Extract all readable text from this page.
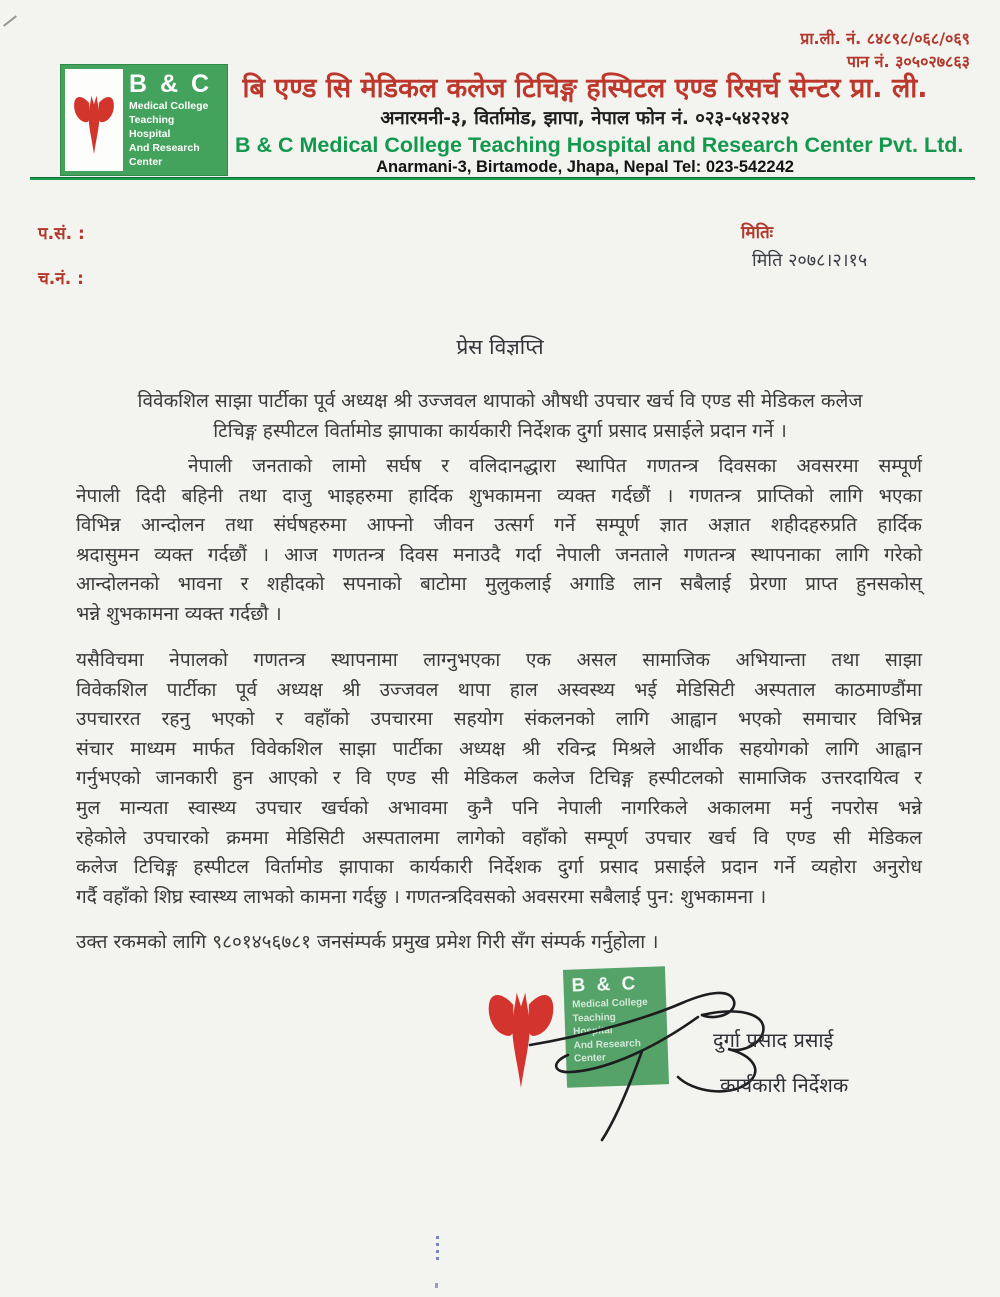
प्रा.ली. नं. ८४८९८/०६८/०६९
पान नं. ३०५०२७८६३
B & C
Medical College
Teaching
Hospital
And Research
Center
बि एण्ड सि मेडिकल कलेज टिचिङ्ग हस्पिटल एण्ड रिसर्च सेन्टर प्रा. ली.
अनारमनी-३, विर्तामोड, झापा, नेपाल फोन नं. ०२३-५४२२४२
B & C Medical College Teaching Hospital and Research Center Pvt. Ltd.
Anarmani-3, Birtamode, Jhapa, Nepal Tel: 023-542242
प.सं. :
च.नं. :
मितिः
मिति २०७८।२।१५
प्रेस विज्ञप्ति
विवेकशिल साझा पार्टीका पूर्व अध्यक्ष श्री उज्जवल थापाको औषधी उपचार खर्च वि एण्ड सी मेडिकल कलेज
टिचिङ्ग हस्पीटल विर्तामोड झापाका कार्यकारी निर्देशक दुर्गा प्रसाद प्रसाईले प्रदान गर्ने ।
नेपाली जनताको लामो सर्घष र वलिदानद्धारा स्थापित गणतन्त्र दिवसका अवसरमा सम्पूर्ण
नेपाली दिदी बहिनी तथा दाजु भाइहरुमा हार्दिक शुभकामना व्यक्त गर्दछौं । गणतन्त्र प्राप्तिको लागि भएका
विभिन्न आन्दोलन तथा संर्घषहरुमा आफ्नो जीवन उत्सर्ग गर्ने सम्पूर्ण ज्ञात अज्ञात शहीदहरुप्रति हार्दिक
श्रदासुमन व्यक्त गर्दछौं । आज गणतन्त्र दिवस मनाउदै गर्दा नेपाली जनताले गणतन्त्र स्थापनाका लागि गरेको
आन्दोलनको भावना र शहीदको सपनाको बाटोमा मुलुकलाई अगाडि लान सबैलाई प्रेरणा प्राप्त हुनसकोस्
भन्ने शुभकामना व्यक्त गर्दछौ ।
यसैविचमा नेपालको गणतन्त्र स्थापनामा लाग्नुभएका एक असल सामाजिक अभियान्ता तथा साझा
विवेकशिल पार्टीका पूर्व अध्यक्ष श्री उज्जवल थापा हाल अस्वस्थ्य भई मेडिसिटी अस्पताल काठमाण्डौंमा
उपचाररत रहनु भएको र वहाँको उपचारमा सहयोग संकलनको लागि आह्वान भएको समाचार विभिन्न
संचार माध्यम मार्फत विवेकशिल साझा पार्टीका अध्यक्ष श्री रविन्द्र मिश्रले आर्थीक सहयोगको लागि आह्वान
गर्नुभएको जानकारी हुन आएको र वि एण्ड सी मेडिकल कलेज टिचिङ्ग हस्पीटलको सामाजिक उत्तरदायित्व र
मुल मान्यता स्वास्थ्य उपचार खर्चको अभावमा कुनै पनि नेपाली नागरिकले अकालमा मर्नु नपरोस भन्ने
रहेकोले उपचारको क्रममा मेडिसिटी अस्पतालमा लागेको वहाँको सम्पूर्ण उपचार खर्च वि एण्ड सी मेडिकल
कलेज टिचिङ्ग हस्पीटल विर्तामोड झापाका कार्यकारी निर्देशक दुर्गा प्रसाद प्रसाईले प्रदान गर्ने व्यहोरा अनुरोध
गर्दै वहाँको शिघ्र स्वास्थ्य लाभको कामना गर्दछु । गणतन्त्रदिवसको अवसरमा सबैलाई पुन: शुभकामना ।
उक्त रकमको लागि ९८०१४५६७८१ जनसंम्पर्क प्रमुख प्रमेश गिरी सँग संम्पर्क गर्नुहोला ।
B & C
Medical College
Teaching
Hospital
And Research
Center
दुर्गा प्रसाद प्रसाई
कार्यकारी निर्देशक
